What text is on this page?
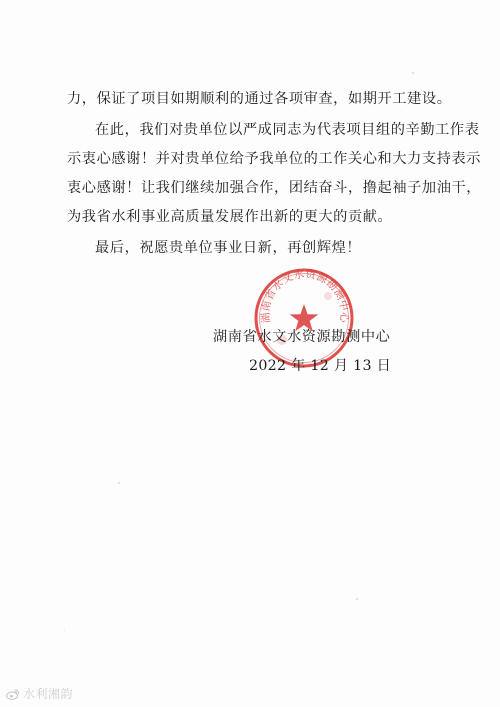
力，保证了项目如期顺利的通过各项审查，如期开工建设。
在此，我们对贵单位以严成同志为代表项目组的辛勤工作表
示衷心感谢！并对贵单位给予我单位的工作关心和大力支持表示
衷心感谢！让我们继续加强合作，团结奋斗，撸起袖子加油干，
为我省水利事业高质量发展作出新的更大的贡献。
最后，祝愿贵单位事业日新，再创辉煌！
湖南省水文水资源勘测中心
湖南省水文水资源勘测中心
2022 年 12 月 13 日
水利湘韵
